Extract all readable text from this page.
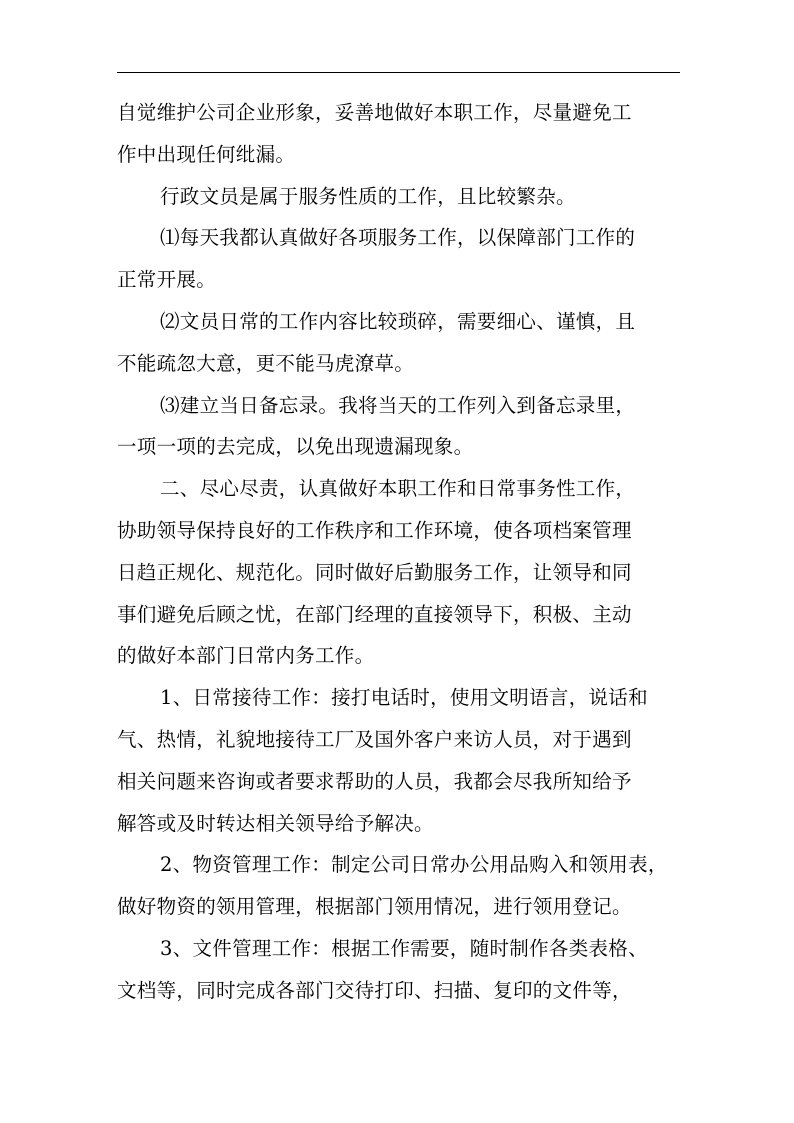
自觉维护公司企业形象，妥善地做好本职工作，尽量避免工
作中出现任何纰漏。
行政文员是属于服务性质的工作，且比较繁杂。
⑴每天我都认真做好各项服务工作，以保障部门工作的
正常开展。
⑵文员日常的工作内容比较琐碎，需要细心、谨慎，且
不能疏忽大意，更不能马虎潦草。
⑶建立当日备忘录。我将当天的工作列入到备忘录里，
一项一项的去完成，以免出现遗漏现象。
二、尽心尽责，认真做好本职工作和日常事务性工作，
协助领导保持良好的工作秩序和工作环境，使各项档案管理
日趋正规化、规范化。同时做好后勤服务工作，让领导和同
事们避免后顾之忧，在部门经理的直接领导下，积极、主动
的做好本部门日常内务工作。
1、日常接待工作：接打电话时，使用文明语言，说话和
气、热情，礼貌地接待工厂及国外客户来访人员，对于遇到
相关问题来咨询或者要求帮助的人员，我都会尽我所知给予
解答或及时转达相关领导给予解决。
2、物资管理工作：制定公司日常办公用品购入和领用表，
做好物资的领用管理，根据部门领用情况，进行领用登记。
3、文件管理工作：根据工作需要，随时制作各类表格、
文档等，同时完成各部门交待打印、扫描、复印的文件等，
